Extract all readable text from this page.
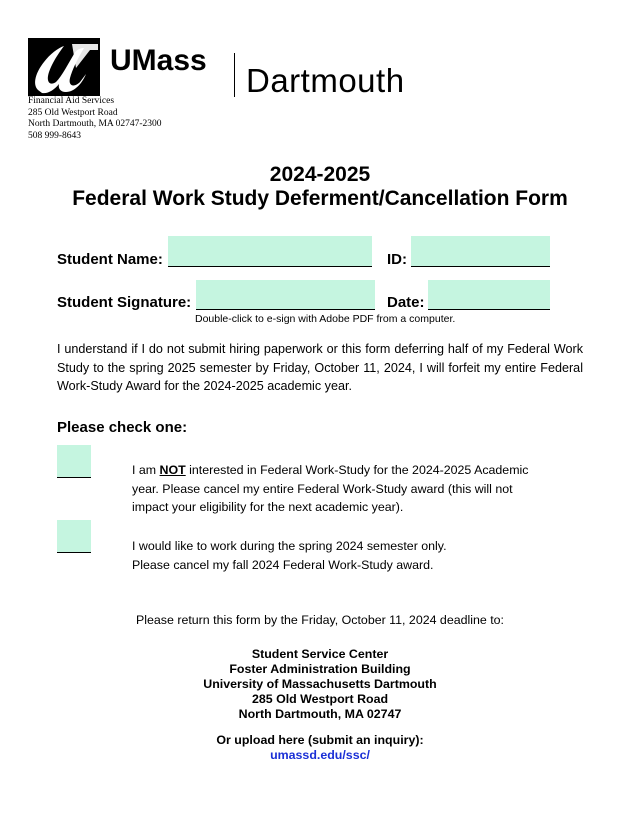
UMass
Dartmouth
Financial Aid Services
285 Old Westport Road
North Dartmouth, MA 02747-2300
508 999-8643
2024-2025
Federal Work Study Deferment/Cancellation Form
Student Name:	ID:
Student Signature:	Date:
Double-click to e-sign with Adobe PDF from a computer.
I understand if I do not submit hiring paperwork or this form deferring half of my Federal Work Study to the spring 2025 semester by Friday, October 11, 2024, I will forfeit my entire Federal Work-Study Award for the 2024-2025 academic year.
Please check one:
I am NOT interested in Federal Work-Study for the 2024-2025 Academic
year. Please cancel my entire Federal Work-Study award (this will not
impact your eligibility for the next academic year).
I would like to work during the spring 2024 semester only.
Please cancel my fall 2024 Federal Work-Study award.
Please return this form by the Friday, October 11, 2024 deadline to:
Student Service Center
Foster Administration Building
University of Massachusetts Dartmouth
285 Old Westport Road
North Dartmouth, MA 02747
Or upload here (submit an inquiry):
umassd.edu/ssc/
